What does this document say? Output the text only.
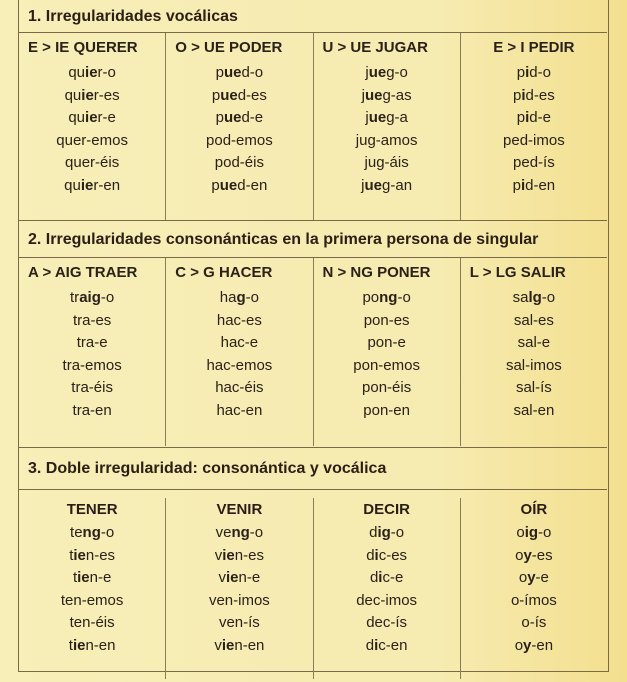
1. Irregularidades vocálicas
E > IE QUERER
quier-o
quier-es
quier-e
quer-emos
quer-éis
quier-en
O > UE PODER
pued-o
pued-es
pued-e
pod-emos
pod-éis
pued-en
U > UE JUGAR
jueg-o
jueg-as
jueg-a
jug-amos
jug-áis
jueg-an
E > I PEDIR
pid-o
pid-es
pid-e
ped-imos
ped-ís
pid-en
2. Irregularidades consonánticas en la primera persona de singular
A > AIG TRAER
traig-o
tra-es
tra-e
tra-emos
tra-éis
tra-en
C > G HACER
hag-o
hac-es
hac-e
hac-emos
hac-éis
hac-en
N > NG PONER
pong-o
pon-es
pon-e
pon-emos
pon-éis
pon-en
L > LG SALIR
salg-o
sal-es
sal-e
sal-imos
sal-ís
sal-en
3. Doble irregularidad: consonántica y vocálica
TENER
teng-o
tien-es
tien-e
ten-emos
ten-éis
tien-en
VENIR
veng-o
vien-es
vien-e
ven-imos
ven-ís
vien-en
DECIR
dig-o
dic-es
dic-e
dec-imos
dec-ís
dic-en
OÍR
oig-o
oy-es
oy-e
o-ímos
o-ís
oy-en
